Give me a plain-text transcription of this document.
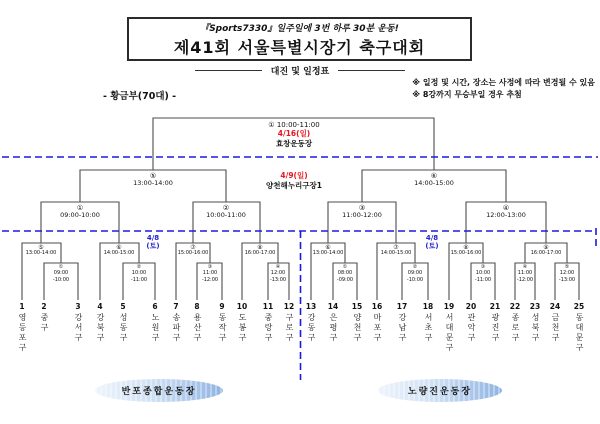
『Sports7330』일주일에 3번 하루 30분 운동!
제41회 서울특별시장기 축구대회
대진 및 일정표
※ 일정 및 시간, 장소는 사정에 따라 변경될 수 있음
※ 8강까지 무승부일 경우 추첨
- 황금부(70대) -
① 10:00-11:00
4/16(일)
효창운동장
4/9(일)
양천해누리구장1
⑤
13:00-14:00
⑥
14:00-15:00
①
09:00-10:00
②
10:00-11:00
③
11:00-12:00
④
12:00-13:00
4/8
(토)
4/8
(토)
⑤
13:00-14:00
⑥
14:00-15:00
⑦
15:00-16:00
⑧
16:00-17:00
⑥
13:00-14:00
⑦
14:00-15:00
⑧
15:00-16:00
⑨
16:00-17:00
①
09:00
-10:00
②
10:00
-11:00
③
11:00
-12:00
④
12:00
-13:00
①
08:00
-09:00
②
09:00
-10:00
③
10:00
-11:00
④
11:00
-12:00
⑤
12:00
-13:00
1
영등포구
2
중구
3
강서구
4
강북구
5
성동구
6
노원구
7
송파구
8
용산구
9
동작구
10
도봉구
11
중랑구
12
구로구
13
강동구
14
은평구
15
양천구
16
마포구
17
강남구
18
서초구
19
서대문구
20
관악구
21
광진구
22
종로구
23
성북구
24
금천구
25
동대문구
반포종합운동장	노량진운동장
